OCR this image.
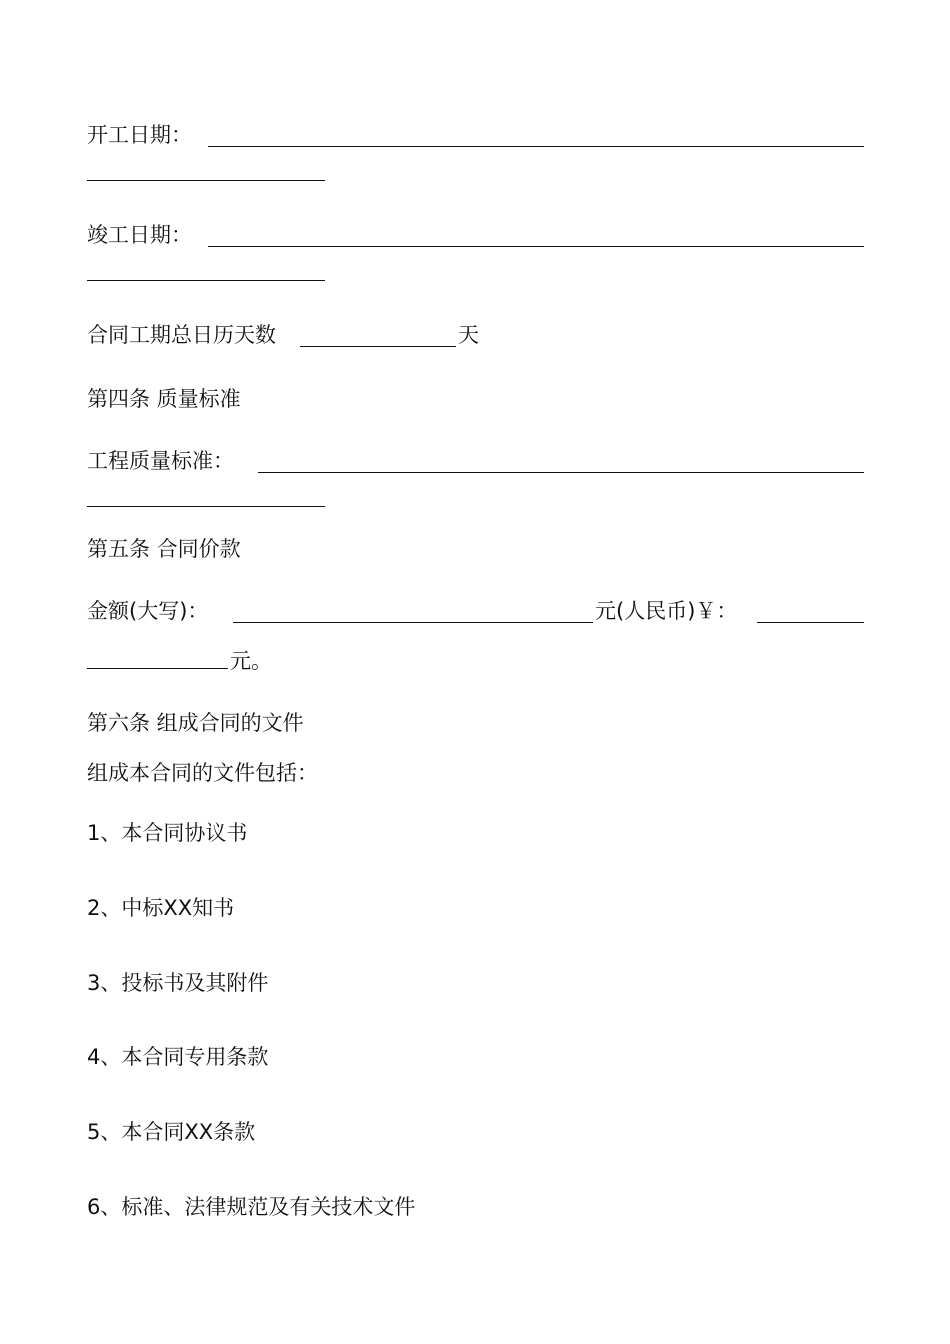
开工日期：
竣工日期：
合同工期总日历天数	天
第四条 质量标准
工程质量标准：
第五条 合同价款
金额(大写)：	元(人民币)￥：
元。
第六条 组成合同的文件
组成本合同的文件包括：
1、本合同协议书
2、中标XX知书
3、投标书及其附件
4、本合同专用条款
5、本合同XX条款
6、标准、法律规范及有关技术文件
